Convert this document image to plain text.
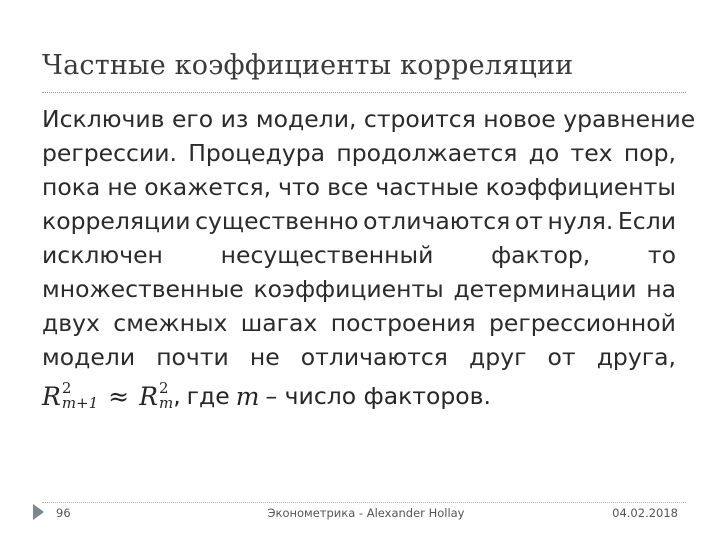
Частные коэффициенты корреляции
Исключив его из модели, строится новое уравнение
регрессии. Процедура продолжается до тех пор,
пока не окажется, что все частные коэффициенты
корреляции существенно отличаются от нуля. Если
исключен несущественный фактор, то
множественные коэффициенты детерминации на
двух смежных шагах построения регрессионной
модели почти не отличаются друг от друга,
R 2
m+1 ≈ R 2
m , где m – число факторов.
96	Эконометрика - Alexander Hollay	04.02.2018
